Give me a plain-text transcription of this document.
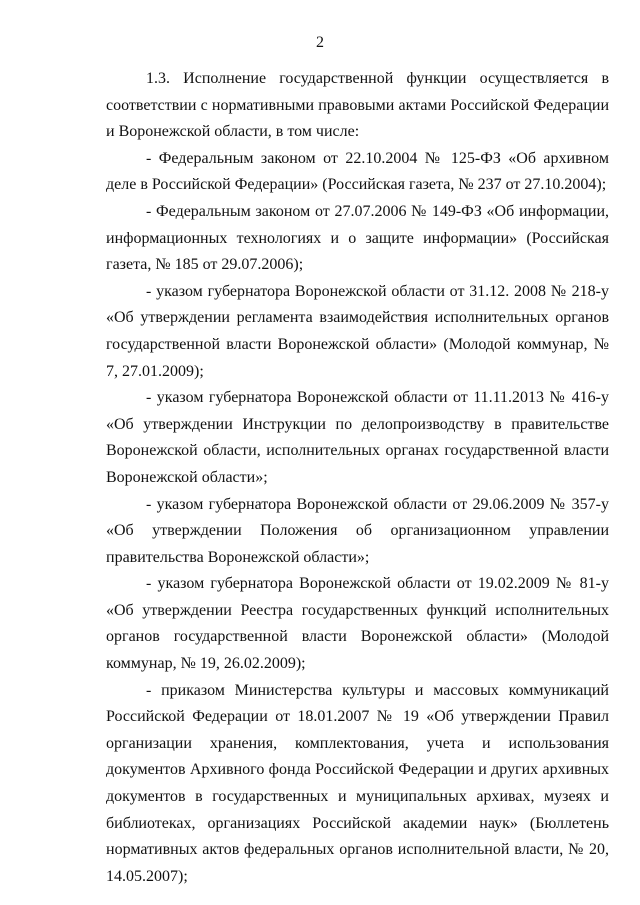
2

1.3. Исполнение государственной функции осуществляется в соответствии с нормативными правовыми актами Российской Федерации и Воронежской области, в том числе:

- Федеральным законом от 22.10.2004 № 125-ФЗ «Об архивном деле в Российской Федерации» (Российская газета, № 237 от 27.10.2004);

- Федеральным законом от 27.07.2006 № 149-ФЗ «Об информации, информационных технологиях и о защите информации» (Российская газета, № 185 от 29.07.2006);

- указом губернатора Воронежской области от 31.12. 2008 № 218-у «Об утверждении регламента взаимодействия исполнительных органов государственной власти Воронежской области» (Молодой коммунар, № 7, 27.01.2009);

- указом губернатора Воронежской области от 11.11.2013 № 416-у «Об утверждении Инструкции по делопроизводству в правительстве Воронежской области, исполнительных органах государственной власти Воронежской области»;

- указом губернатора Воронежской области от 29.06.2009 № 357-у «Об утверждении Положения об организационном управлении правительства Воронежской области»;

- указом губернатора Воронежской области от 19.02.2009 № 81-у «Об утверждении Реестра государственных функций исполнительных органов государственной власти Воронежской области» (Молодой коммунар, № 19, 26.02.2009);

- приказом Министерства культуры и массовых коммуникаций Российской Федерации от 18.01.2007 № 19 «Об утверждении Правил организации хранения, комплектования, учета и использования документов Архивного фонда Российской Федерации и других архивных документов в государственных и муниципальных архивах, музеях и библиотеках, организациях Российской академии наук» (Бюллетень нормативных актов федеральных органов исполнительной власти, № 20, 14.05.2007);
